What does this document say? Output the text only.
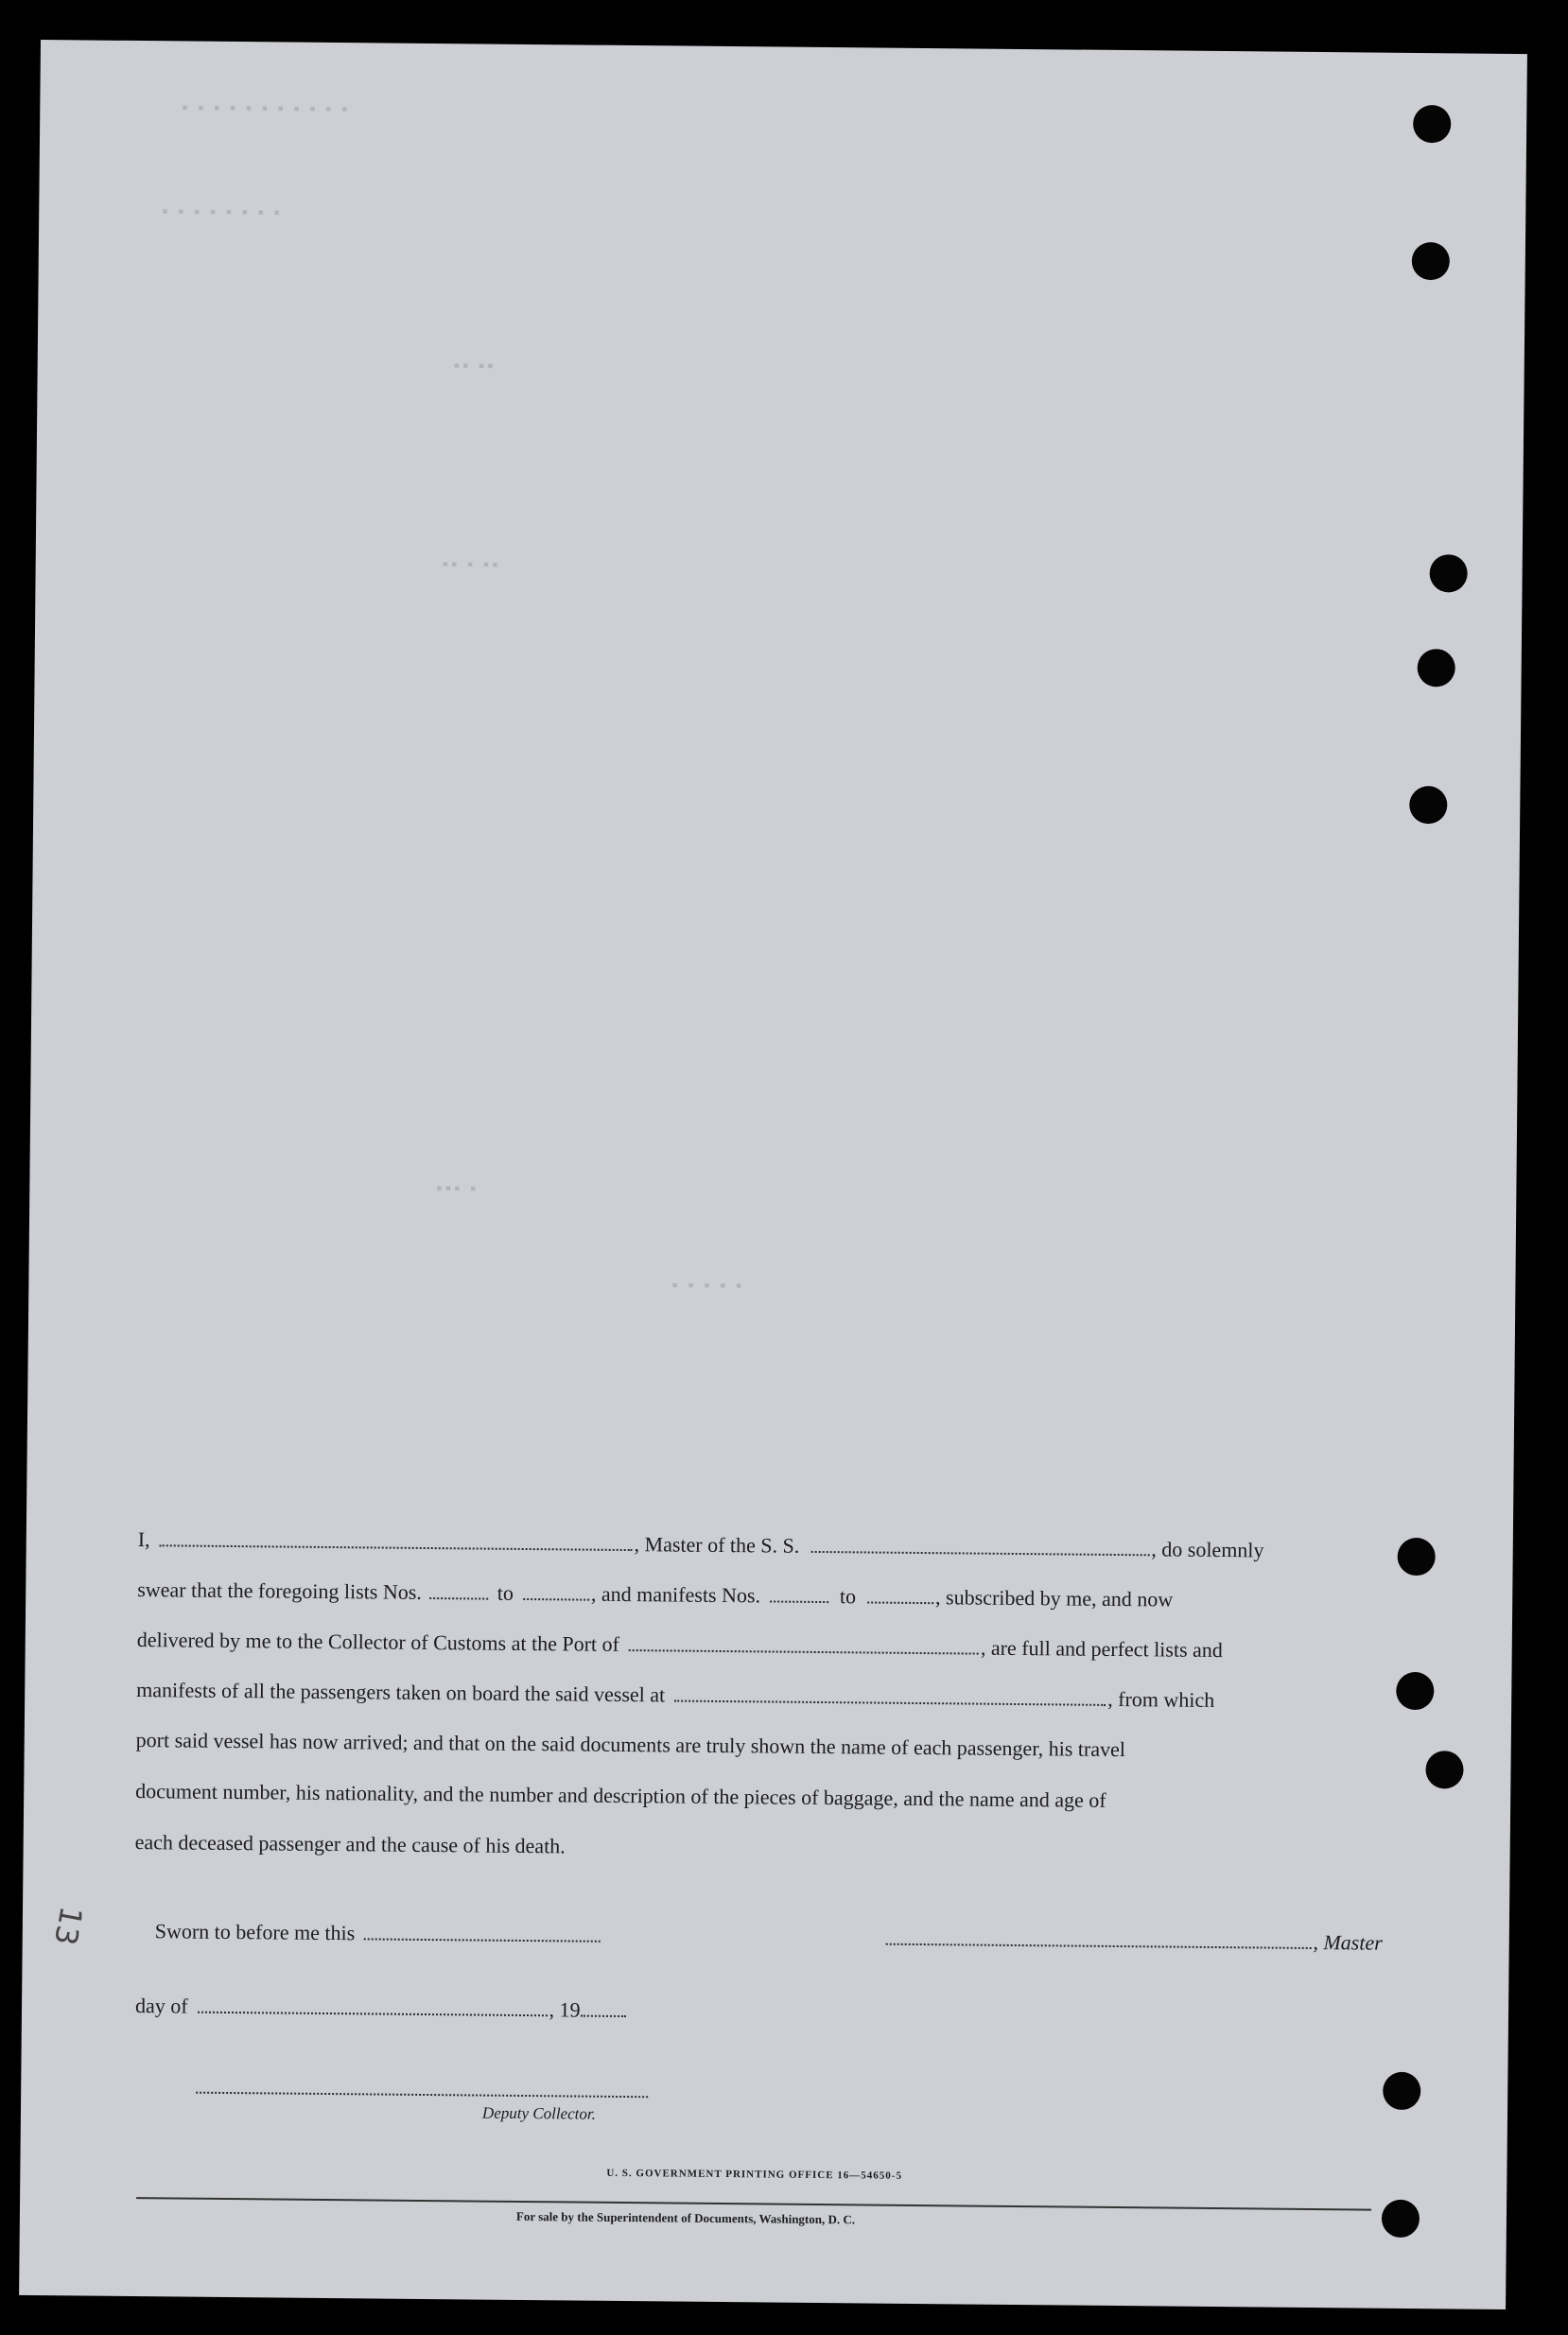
▪ ▪ ▪ ▪ ▪ ▪ ▪ ▪ ▪ ▪ ▪
▪ ▪ ▪ ▪ ▪ ▪ ▪ ▪
▪▪ ▪▪
▪▪ ▪ ▪▪
▪▪▪ ▪
▪ ▪ ▪ ▪ ▪
13
I,	, Master of the S. S.	, do solemnly
swear that the foregoing lists Nos.	to	, and manifests Nos.	to	, subscribed by me, and now
delivered by me to the Collector of Customs at the Port of	, are full and perfect lists and
manifests of all the passengers taken on board the said vessel at	, from which
port said vessel has now arrived; and that on the said documents are truly shown the name of each passenger, his travel
document number, his nationality, and the number and description of the pieces of baggage, and the name and age of
each deceased passenger and the cause of his death.
Sworn to before me this	, Master
day of	, 19
Deputy Collector.
U. S. GOVERNMENT PRINTING OFFICE 16—54650-5
For sale by the Superintendent of Documents, Washington, D. C.
